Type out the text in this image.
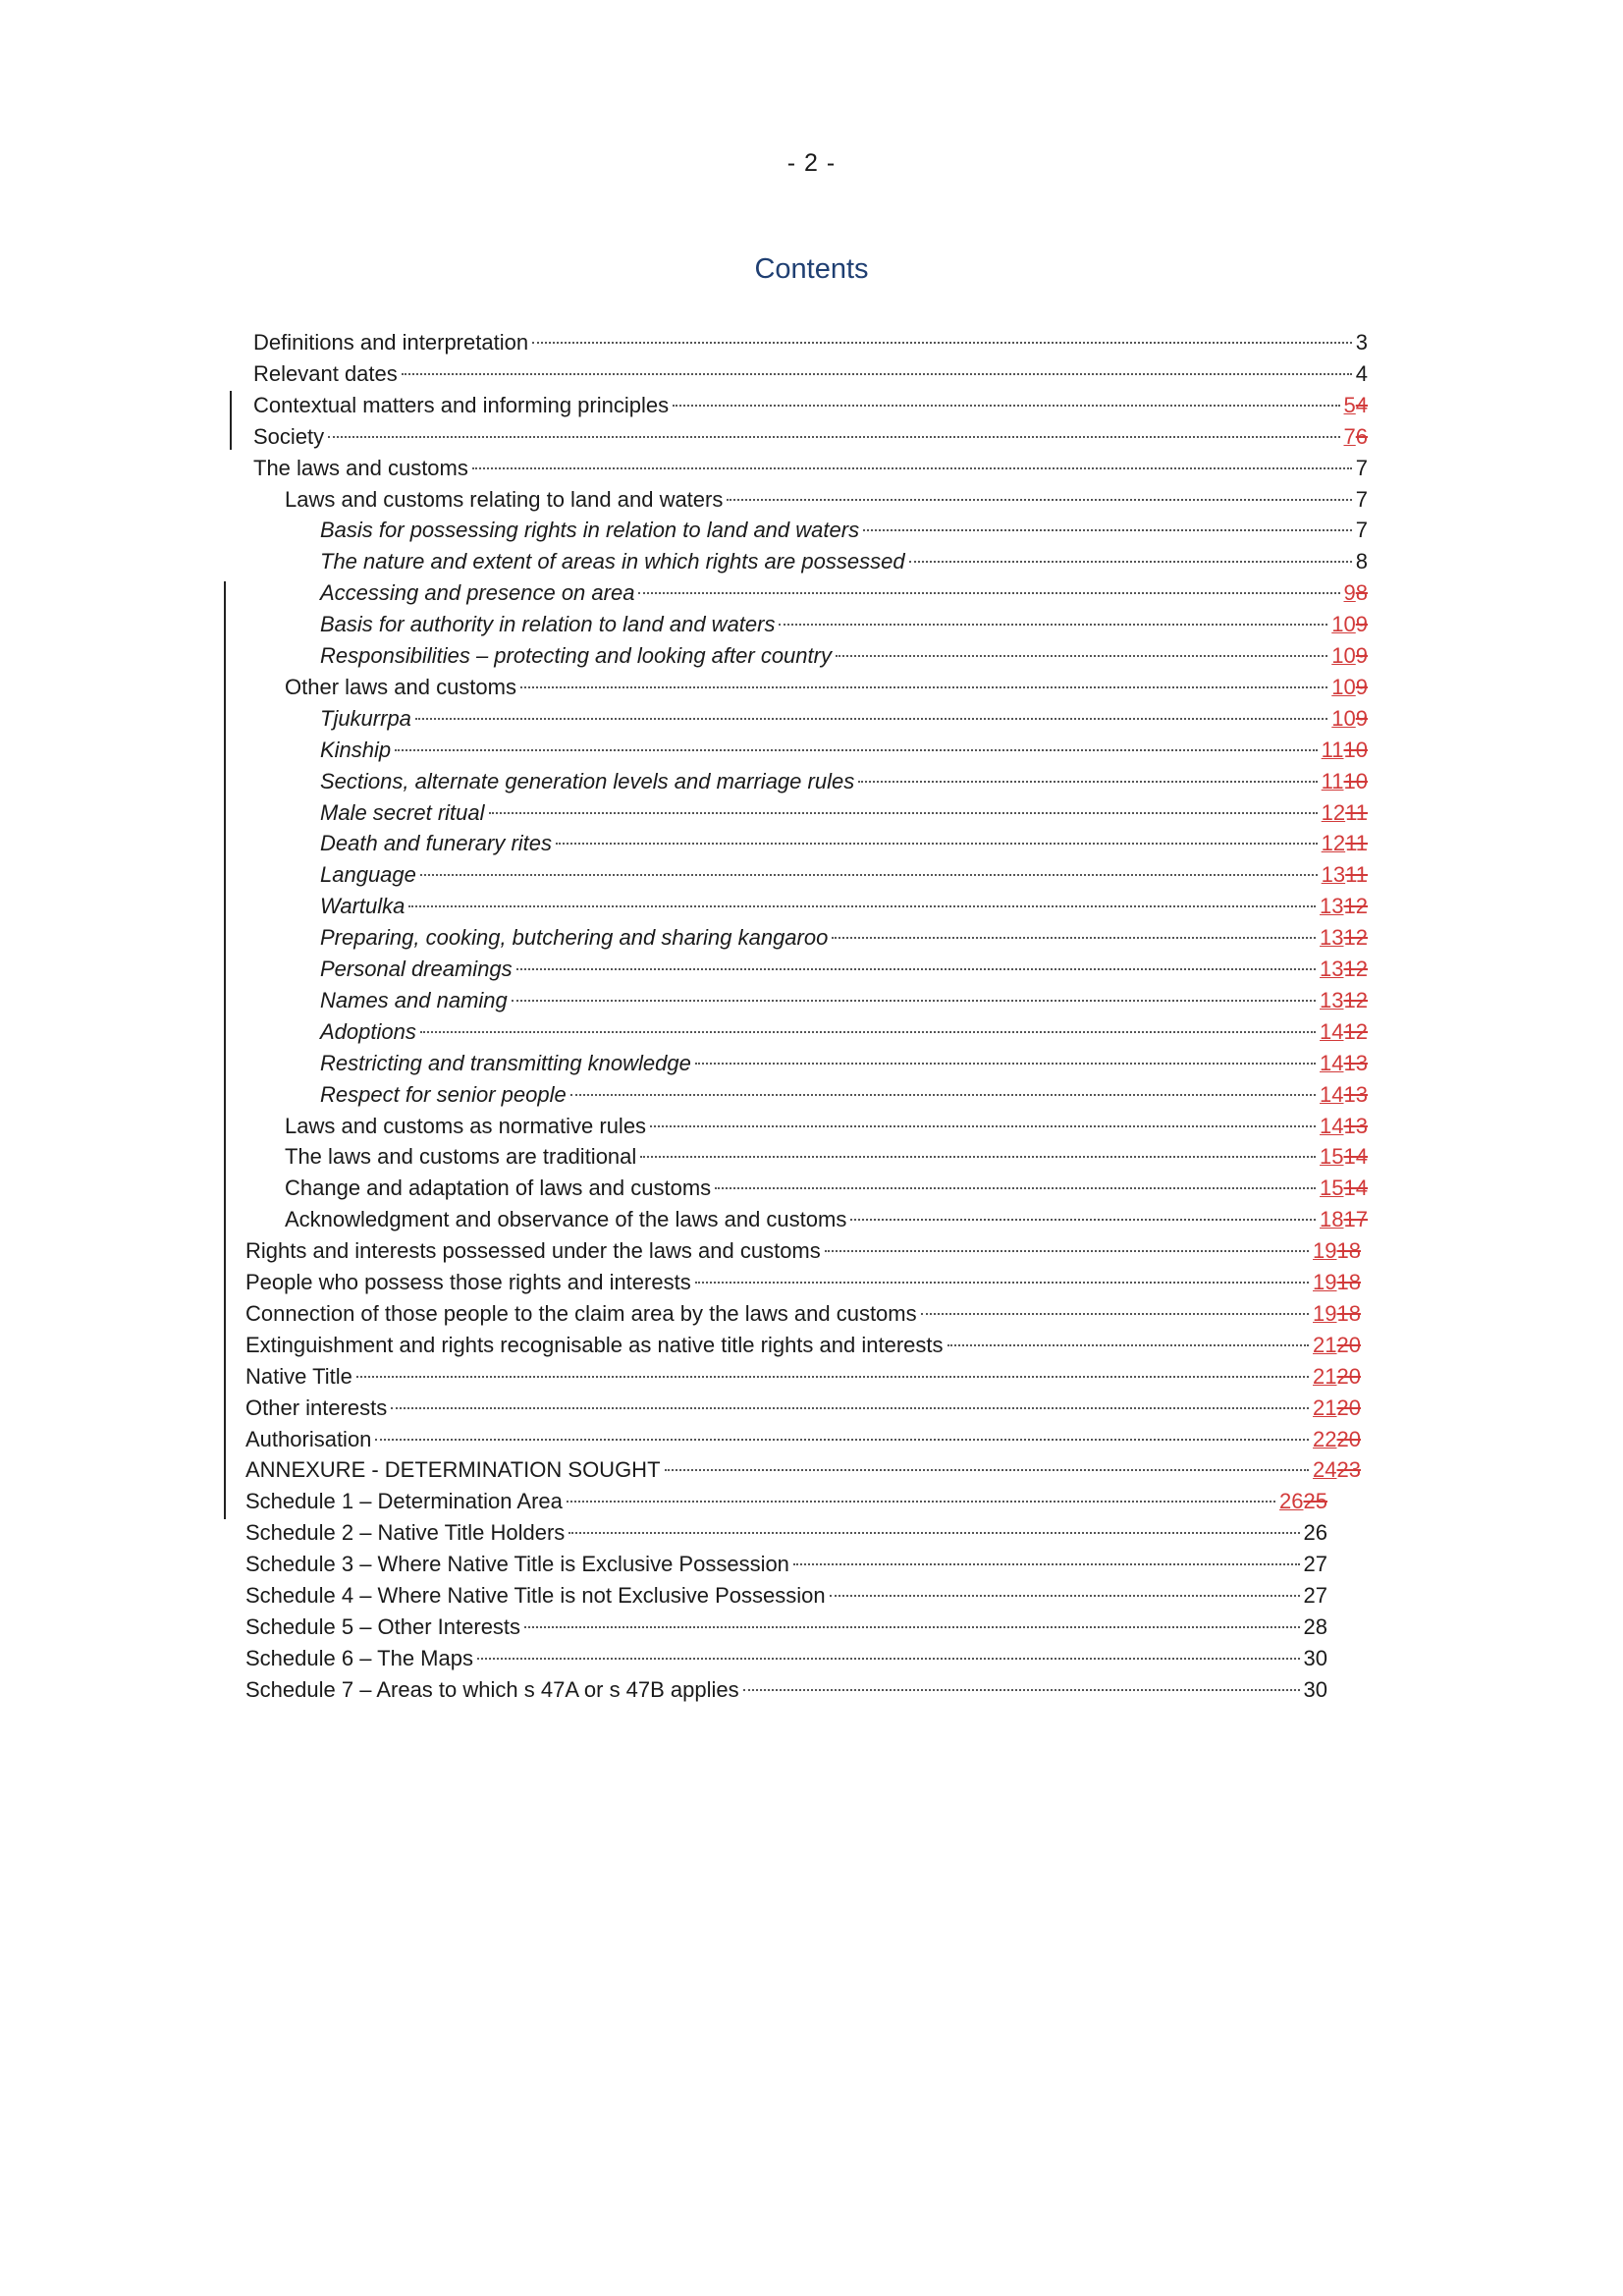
- 2 -
Contents
Definitions and interpretation	3
Relevant dates	4
Contextual matters and informing principles	5 4
Society	7 6
The laws and customs	7
Laws and customs relating to land and waters	7
Basis for possessing rights in relation to land and waters	7
The nature and extent of areas in which rights are possessed	8
Accessing and presence on area	9 8
Basis for authority in relation to land and waters	10 9
Responsibilities – protecting and looking after country	10 9
Other laws and customs	10 9
Tjukurrpa	10 9
Kinship	11 10
Sections, alternate generation levels and marriage rules	11 10
Male secret ritual	12 11
Death and funerary rites	12 11
Language	13 11
Wartulka	13 12
Preparing, cooking, butchering and sharing kangaroo	13 12
Personal dreamings	13 12
Names and naming	13 12
Adoptions	14 12
Restricting and transmitting knowledge	14 13
Respect for senior people	14 13
Laws and customs as normative rules	14 13
The laws and customs are traditional	15 14
Change and adaptation of laws and customs	15 14
Acknowledgment and observance of the laws and customs	18 17
Rights and interests possessed under the laws and customs	19 18
People who possess those rights and interests	19 18
Connection of those people to the claim area by the laws and customs	19 18
Extinguishment and rights recognisable as native title rights and interests	21 20
Native Title	21 20
Other interests	21 20
Authorisation	22 20
ANNEXURE - DETERMINATION SOUGHT	24 23
Schedule 1 – Determination Area	26 25
Schedule 2 – Native Title Holders	26
Schedule 3 – Where Native Title is Exclusive Possession	27
Schedule 4 – Where Native Title is not Exclusive Possession	27
Schedule 5 – Other Interests	28
Schedule 6 – The Maps	30
Schedule 7 – Areas to which s 47A or s 47B applies	30
